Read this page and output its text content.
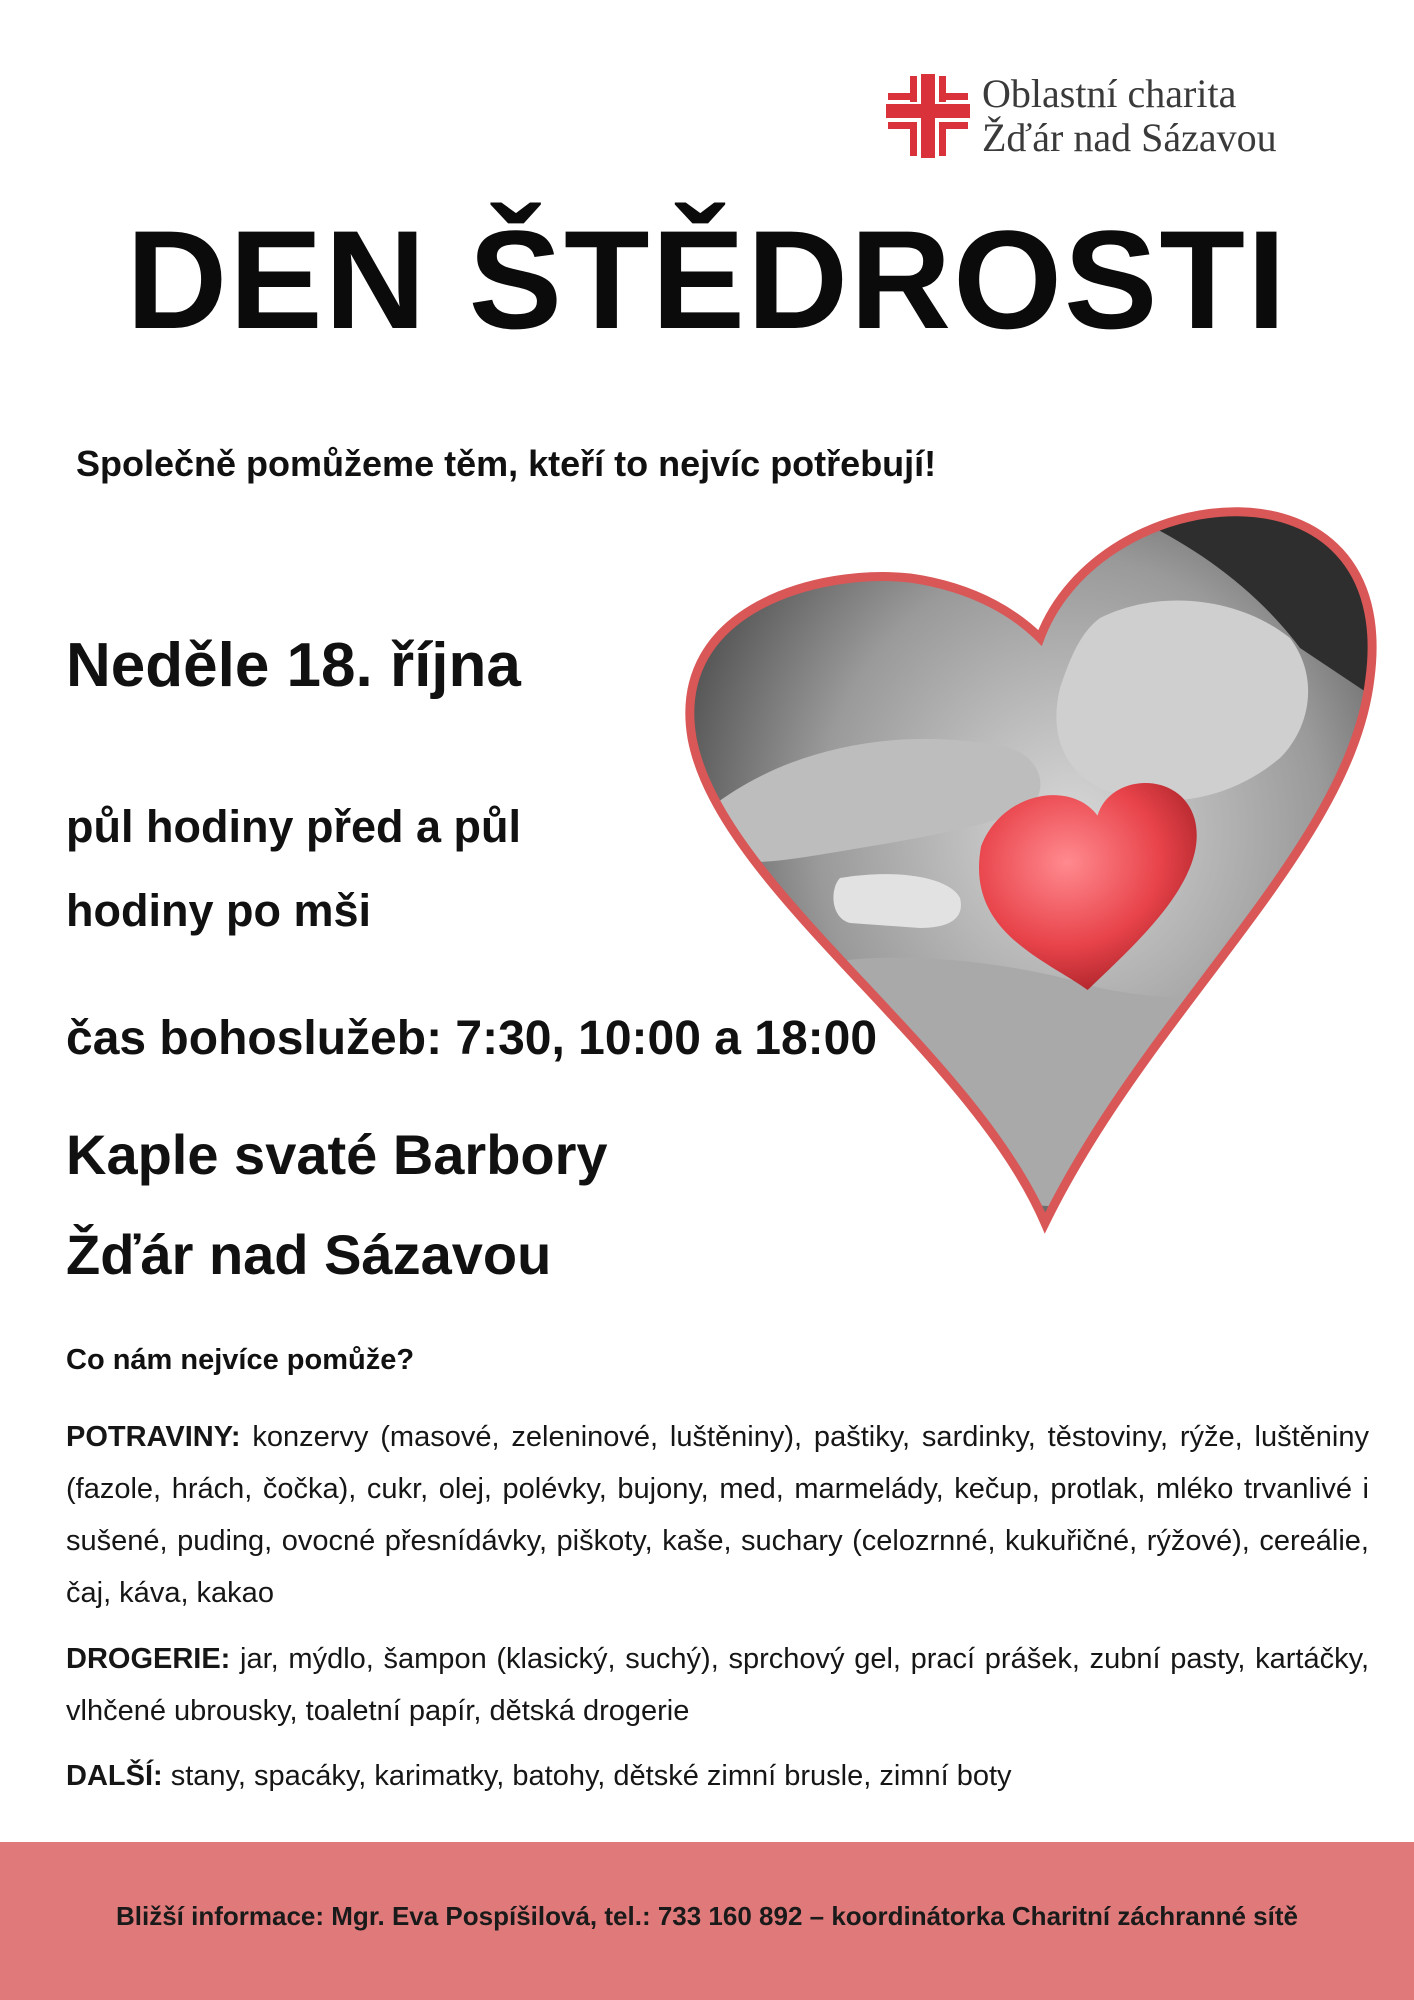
Oblastní charita
Žďár nad Sázavou
DEN ŠTĚDROSTI
Společně pomůžeme těm, kteří to nejvíc potřebují!
Neděle 18. října
půl hodiny před a půl
hodiny po mši
čas bohoslužeb: 7:30, 10:00 a 18:00
Kaple svaté Barbory
Žďár nad Sázavou
Co nám nejvíce pomůže?
POTRAVINY: konzervy (masové, zeleninové, luštěniny), paštiky, sardinky, těstoviny, rýže, luštěniny (fazole, hrách, čočka), cukr, olej, polévky, bujony, med, marmelády, kečup, protlak, mléko trvanlivé i sušené, puding, ovocné přesnídávky, piškoty, kaše, suchary (celozrnné, kukuřičné, rýžové), cereálie, čaj, káva, kakao
DROGERIE: jar, mýdlo, šampon (klasický, suchý), sprchový gel, prací prášek, zubní pasty, kartáčky, vlhčené ubrousky, toaletní papír, dětská drogerie
DALŠÍ: stany, spacáky, karimatky, batohy, dětské zimní brusle, zimní boty
Bližší informace: Mgr. Eva Pospíšilová, tel.: 733 160 892 – koordinátorka Charitní záchranné sítě
